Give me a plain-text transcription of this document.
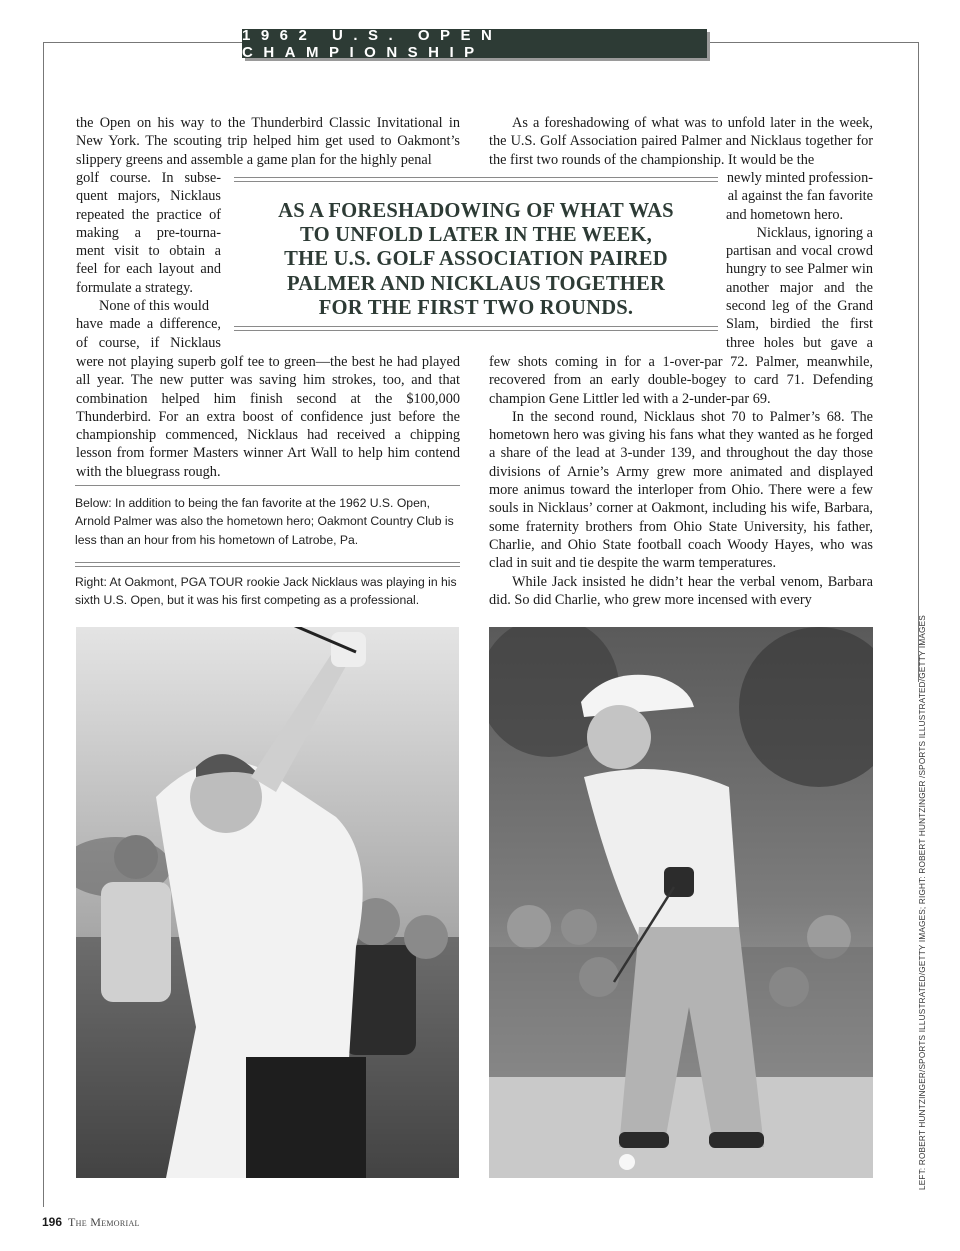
1962 U.S. OPEN CHAMPIONSHIP
the Open on his way to the Thunderbird Classic Invitational in New York. The scouting trip helped him get used to Oakmont’s slippery greens and assemble a game plan for the highly penal
golf course. In subse-
quent majors, Nicklaus
repeated the practice of
making a pre-tourna-
ment visit to obtain a
feel for each layout and
formulate a strategy.
None of this would
have made a difference,
of course, if Nicklaus
were not playing superb golf tee to green—the best he had played all year. The new putter was saving him strokes, too, and that combination helped him finish second at the $100,000 Thunderbird. For an extra boost of confidence just before the championship commenced, Nicklaus had received a chipping lesson from former Masters winner Art Wall to help him contend with the bluegrass rough.
AS A FORESHADOWING OF WHAT WAS
TO UNFOLD LATER IN THE WEEK,
THE U.S. GOLF ASSOCIATION PAIRED
PALMER AND NICKLAUS TOGETHER
FOR THE FIRST TWO ROUNDS.
As a foreshadowing of what was to unfold later in the week, the U.S. Golf Association paired Palmer and Nicklaus together for the first two rounds of the championship. It would be the
newly minted profession-
al against the fan favorite
and hometown hero.
Nicklaus, ignoring a
partisan and vocal crowd
hungry to see Palmer win
another major and the
second leg of the Grand
Slam, birdied the first
three holes but gave a

few shots coming in for a 1-over-par 72. Palmer, meanwhile, recovered from an early double-bogey to card 71. Defending champion Gene Littler led with a 2-under-par 69.

In the second round, Nicklaus shot 70 to Palmer’s 68. The hometown hero was giving his fans what they wanted as he forged a share of the lead at 3-under 139, and throughout the day those divisions of Arnie’s Army grew more animated and displayed more animus toward the interloper from Ohio. There were a few souls in Nicklaus’ corner at Oakmont, including his wife, Barbara, some fraternity brothers from Ohio State University, his father, Charlie, and Ohio State football coach Woody Hayes, who was clad in suit and tie despite the warm temperatures.

While Jack insisted he didn’t hear the verbal venom, Barbara did. So did Charlie, who grew more incensed with every

Below: In addition to being the fan favorite at the 1962 U.S. Open, Arnold Palmer was also the hometown hero; Oakmont Country Club is less than an hour from his hometown of Latrobe, Pa.
Right: At Oakmont, PGA TOUR rookie Jack Nicklaus was playing in his sixth U.S. Open, but it was his first competing as a professional.
LEFT: ROBERT HUNTZINGER/SPORTS ILLUSTRATED/GETTY IMAGES; RIGHT: ROBERT HUNTZINGER /SPORTS ILLUSTRATED/GETTY IMAGES
196 The Memorial
